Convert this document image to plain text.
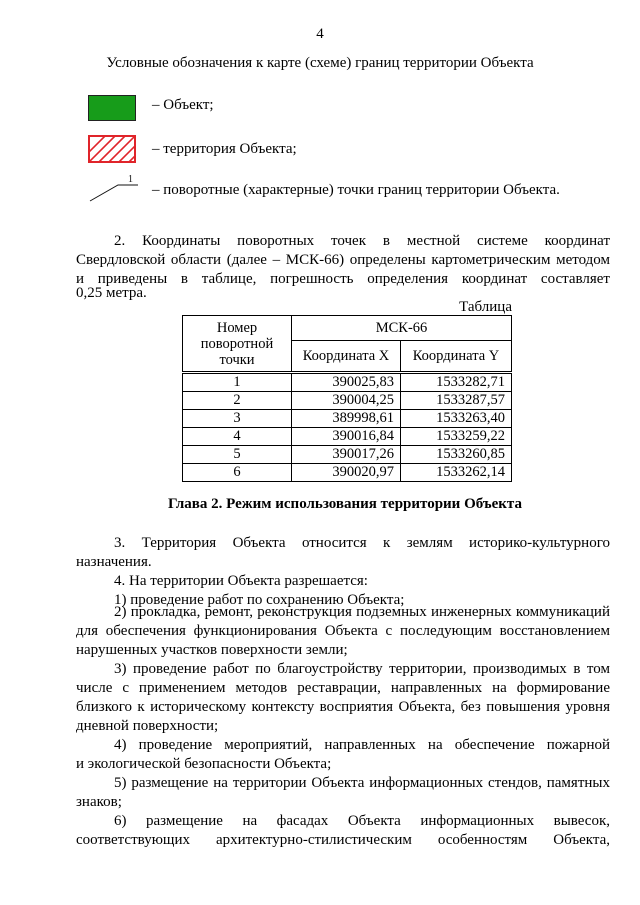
4
Условные обозначения к карте (схеме) границ территории Объекта
– Объект;
– территория Объекта;
1
– поворотные (характерные) точки границ территории Объекта.
2. Координаты поворотных точек в местной системе координат
Свердловской области (далее – МСК-66) определены картометрическим методом
и приведены в таблице, погрешность определения координат составляет
0,25 метра.
Таблица
Номер поворотной точки	МСК-66	
	Координата X	Координата Y
1	390025,83	1533282,71
2	390004,25	1533287,57
3	389998,61	1533263,40
4	390016,84	1533259,22
5	390017,26	1533260,85
6	390020,97	1533262,14
Глава 2. Режим использования территории Объекта
3. Территория Объекта относится к землям историко-культурного
назначения.
4. На территории Объекта разрешается:
1) проведение работ по сохранению Объекта;
2) прокладка, ремонт, реконструкция подземных инженерных коммуникаций
для обеспечения функционирования Объекта с последующим восстановлением
нарушенных участков поверхности земли;
3) проведение работ по благоустройству территории, производимых в том
числе с применением методов реставрации, направленных на формирование
близкого к историческому контексту восприятия Объекта, без повышения уровня
дневной поверхности;
4) проведение мероприятий, направленных на обеспечение пожарной
и экологической безопасности Объекта;
5) размещение на территории Объекта информационных стендов, памятных
знаков;
6) размещение на фасадах Объекта информационных вывесок,
соответствующих архитектурно-стилистическим особенностям Объекта,
